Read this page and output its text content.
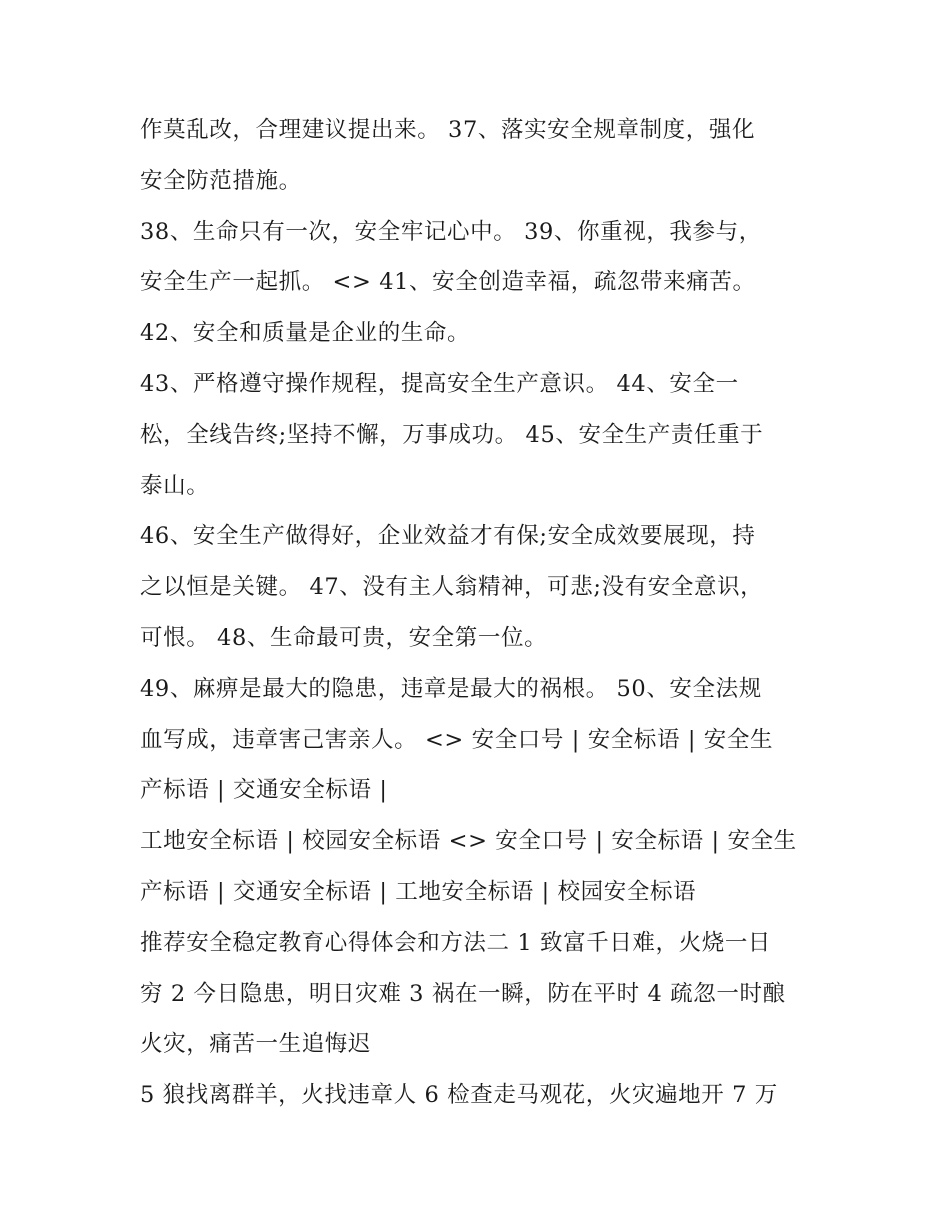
作莫乱改，合理建议提出来。 37、落实安全规章制度，强化
安全防范措施。
38、生命只有一次，安全牢记心中。 39、你重视，我参与，
安全生产一起抓。 <> 41、安全创造幸福，疏忽带来痛苦。
42、安全和质量是企业的生命。
43、严格遵守操作规程，提高安全生产意识。 44、安全一
松，全线告终;坚持不懈，万事成功。 45、安全生产责任重于
泰山。
46、安全生产做得好，企业效益才有保;安全成效要展现，持
之以恒是关键。 47、没有主人翁精神，可悲;没有安全意识，
可恨。 48、生命最可贵，安全第一位。
49、麻痹是最大的隐患，违章是最大的祸根。 50、安全法规
血写成，违章害己害亲人。 <> 安全口号 | 安全标语 | 安全生
产标语 | 交通安全标语 |
工地安全标语 | 校园安全标语 <> 安全口号 | 安全标语 | 安全生
产标语 | 交通安全标语 | 工地安全标语 | 校园安全标语
推荐安全稳定教育心得体会和方法二 1 致富千日难，火烧一日
穷 2 今日隐患，明日灾难 3 祸在一瞬，防在平时 4 疏忽一时酿
火灾，痛苦一生追悔迟
5 狼找离群羊，火找违章人 6 检查走马观花，火灾遍地开 7 万
